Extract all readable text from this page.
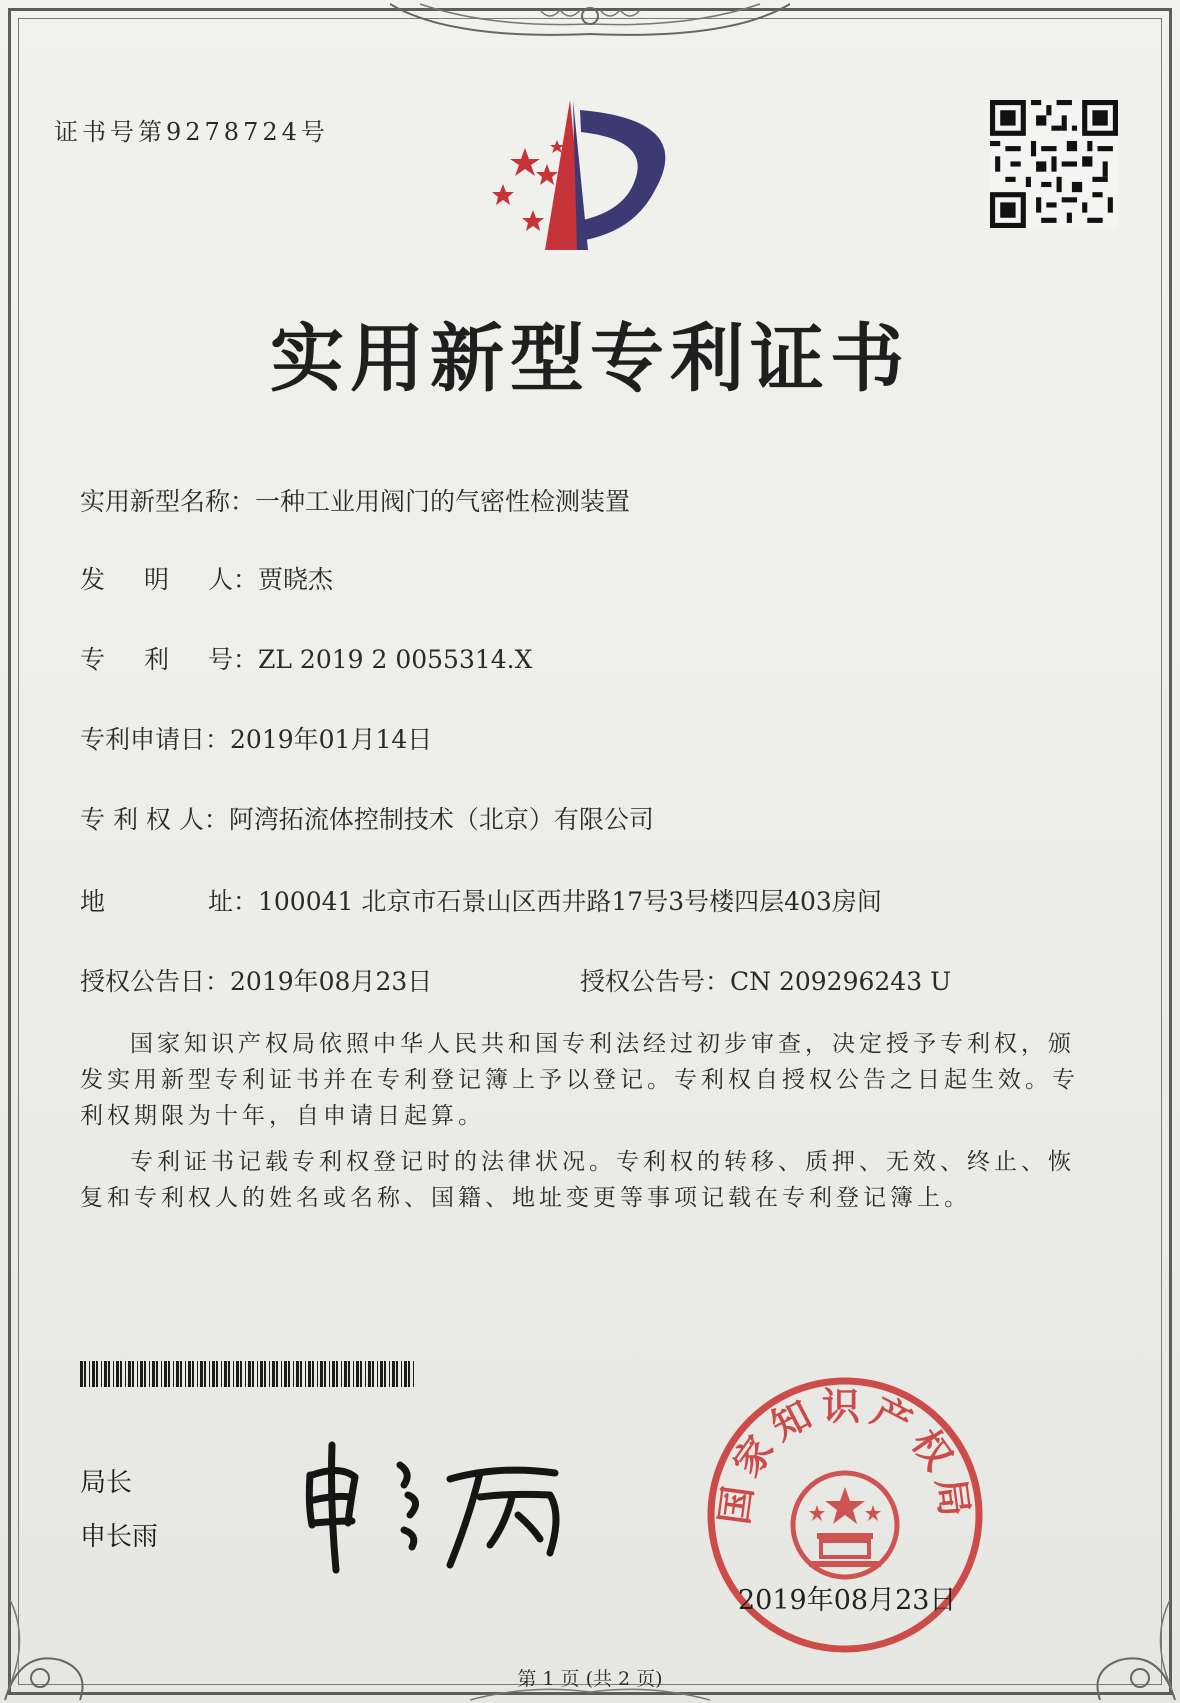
证书号第9278724号
实用新型专利证书
实用新型名称：一种工业用阀门的气密性检测装置
发 明 人： 贾晓杰
专 利 号： ZL 2019 2 0055314.X
专利申请日：2019年01月14日
专 利 权 人：阿湾拓流体控制技术（北京）有限公司
地	址： 100041 北京市石景山区西井路17号3号楼四层403房间
授权公告日：2019年08月23日	授权公告号：CN 209296243 U
国家知识产权局依照中华人民共和国专利法经过初步审查，决定授予专利权，颁发实用新型专利证书并在专利登记簿上予以登记。专利权自授权公告之日起生效。专利权期限为十年，自申请日起算。
专利证书记载专利权登记时的法律状况。专利权的转移、质押、无效、终止、恢复和专利权人的姓名或名称、国籍、地址变更等事项记载在专利登记簿上。
局长
申长雨
国家知识产权局
2019年08月23日
第 1 页 (共 2 页)
